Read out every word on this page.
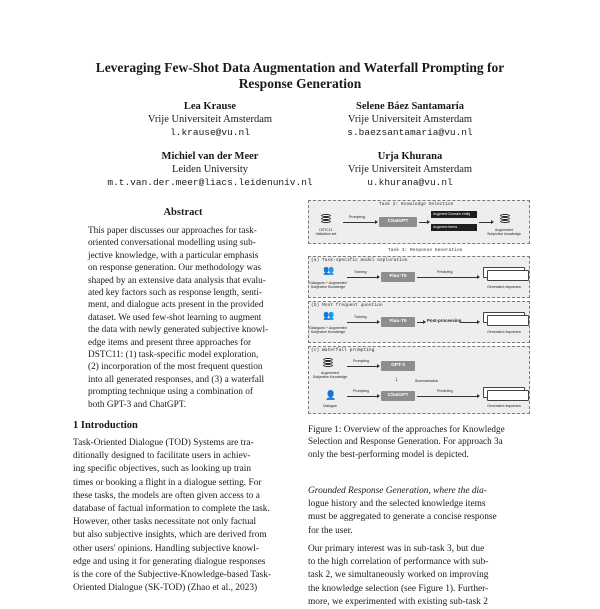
Leveraging Few-Shot Data Augmentation and Waterfall Prompting for
Response Generation
Lea Krause
Vrije Universiteit Amsterdam
l.krause@vu.nl
Selene Báez Santamaría
Vrije Universiteit Amsterdam
s.baezsantamaria@vu.nl
Michiel van der Meer
Leiden University
m.t.van.der.meer@liacs.leidenuniv.nl
Urja Khurana
Vrije Universiteit Amsterdam
u.khurana@vu.nl
Abstract
This paper discusses our approaches for task-
oriented conversational modelling using sub-
jective knowledge, with a particular emphasis
on response generation. Our methodology was
shaped by an extensive data analysis that evalu-
ated key factors such as response length, senti-
ment, and dialogue acts present in the provided
dataset. We used few-shot learning to augment
the data with newly generated subjective knowl-
edge items and present three approaches for
DSTC11: (1) task-specific model exploration,
(2) incorporation of the most frequent question
into all generated responses, and (3) a waterfall
prompting technique using a combination of
both GPT-3 and ChatGPT.
1 Introduction
Task-Oriented Dialogue (TOD) Systems are tra-
ditionally designed to facilitate users in achiev-
ing specific objectives, such as looking up train
times or booking a flight in a dialogue setting. For
these tasks, the models are often given access to a
database of factual information to complete the task.
However, other tasks necessitate not only factual
but also subjective insights, which are derived from
other users' opinions. Handling subjective knowl-
edge and using it for generating dialogue responses
is the core of the Subjective-Knowledge-based Task-
Oriented Dialogue (SK-TOD) (Zhao et al., 2023)
Task 2: Knowledge Selection
DSTC11
Validation set
Prompting
ChatGPT
Augment Domain entity
Augment Items
Augmented
Subjective knowledge
Task 3: Response Generation
(a) Task-specific model exploration
👥
Dialogues + Augmented
Subjective Knowledge
Training
Flan-T5
Predicting
Generated responses
(b) Most frequent question
👥
Dialogues + Augmented
Subjective Knowledge
Training
Flan-T5	Post-processing
Generated responses
(c) Waterfall prompting
Augmented
Subjective Knowledge
Prompting
GPT-3
↓	Summarisation
👤
Dialogue
Prompting
ChatGPT
Predicting
Generated responses
Figure 1: Overview of the approaches for Knowledge
Selection and Response Generation. For approach 3a
only the best-performing model is depicted.
Grounded Response Generation, where the dia-
logue history and the selected knowledge items
must be aggregated to generate a concise response
for the user.
Our primary interest was in sub-task 3, but due
to the high correlation of performance with sub-
task 2, we simultaneously worked on improving
the knowledge selection (see Figure 1). Further-
more, we experimented with existing sub-task 2
